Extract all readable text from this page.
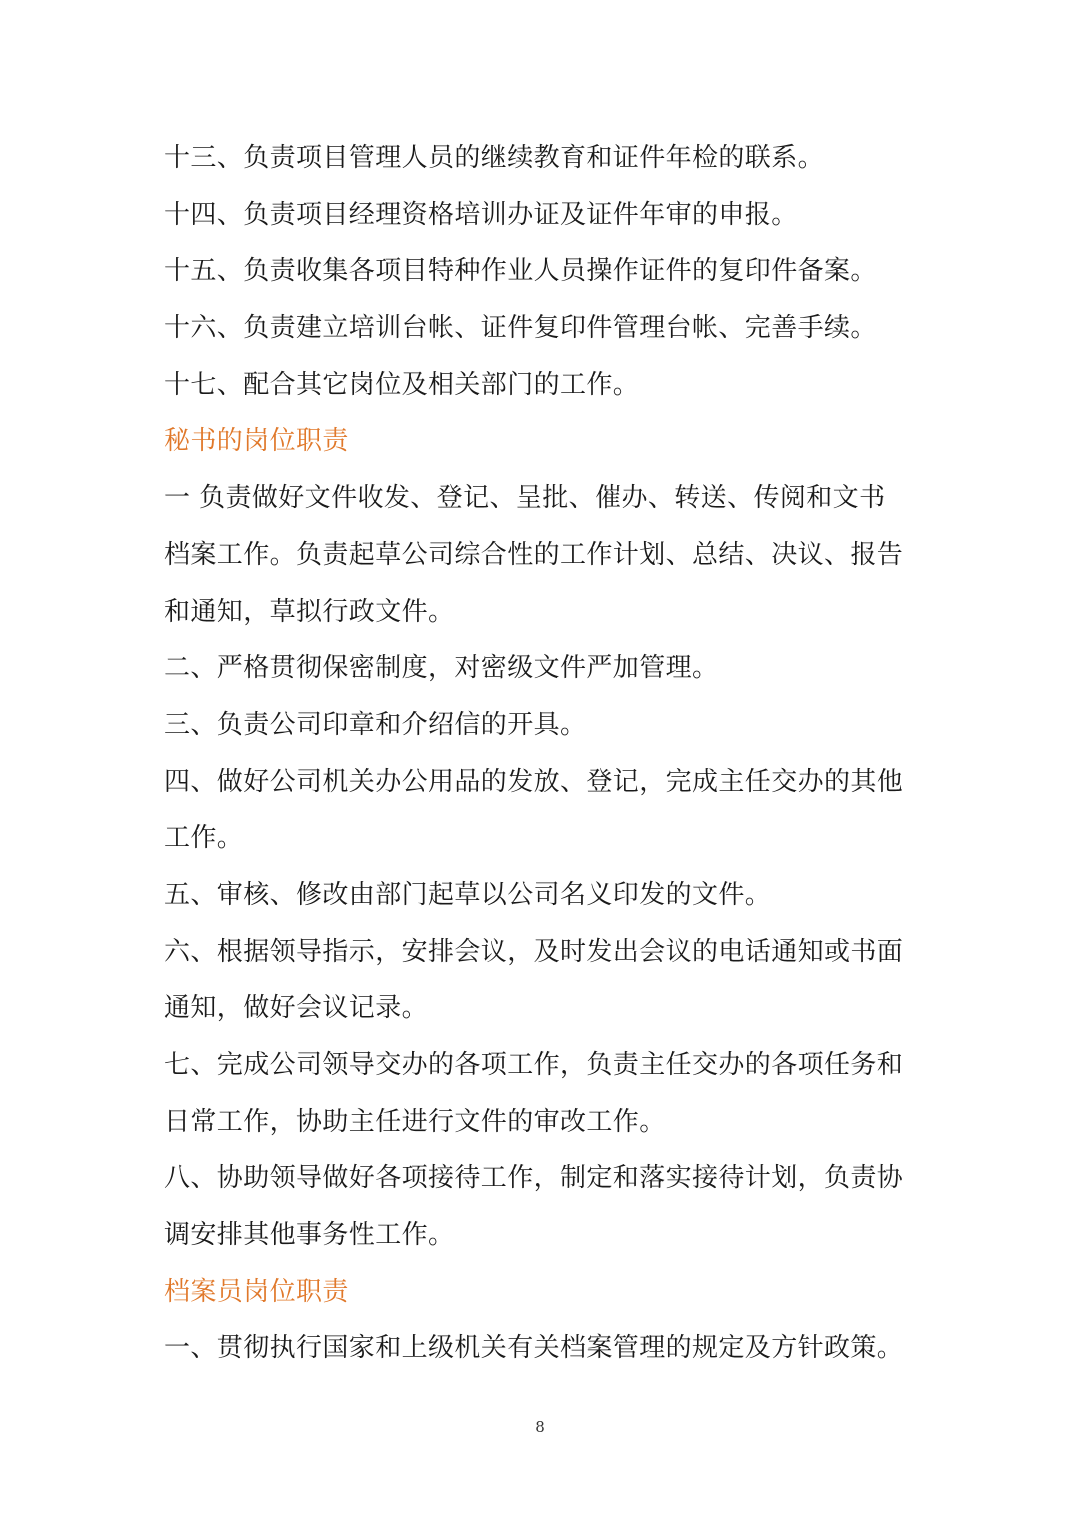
十三、负责项目管理人员的继续教育和证件年检的联系。
十四、负责项目经理资格培训办证及证件年审的申报。
十五、负责收集各项目特种作业人员操作证件的复印件备案。
十六、负责建立培训台帐、证件复印件管理台帐、完善手续。
十七、配合其它岗位及相关部门的工作。
秘书的岗位职责
一 负责做好文件收发、登记、呈批、催办、转送、传阅和文书
档案工作。负责起草公司综合性的工作计划、总结、决议、报告
和通知，草拟行政文件。
二、严格贯彻保密制度，对密级文件严加管理。
三、负责公司印章和介绍信的开具。
四、做好公司机关办公用品的发放、登记，完成主任交办的其他
工作。
五、审核、修改由部门起草以公司名义印发的文件。
六、根据领导指示，安排会议，及时发出会议的电话通知或书面
通知，做好会议记录。
七、完成公司领导交办的各项工作，负责主任交办的各项任务和
日常工作，协助主任进行文件的审改工作。
八、协助领导做好各项接待工作，制定和落实接待计划，负责协
调安排其他事务性工作。
档案员岗位职责
一、贯彻执行国家和上级机关有关档案管理的规定及方针政策。
8
